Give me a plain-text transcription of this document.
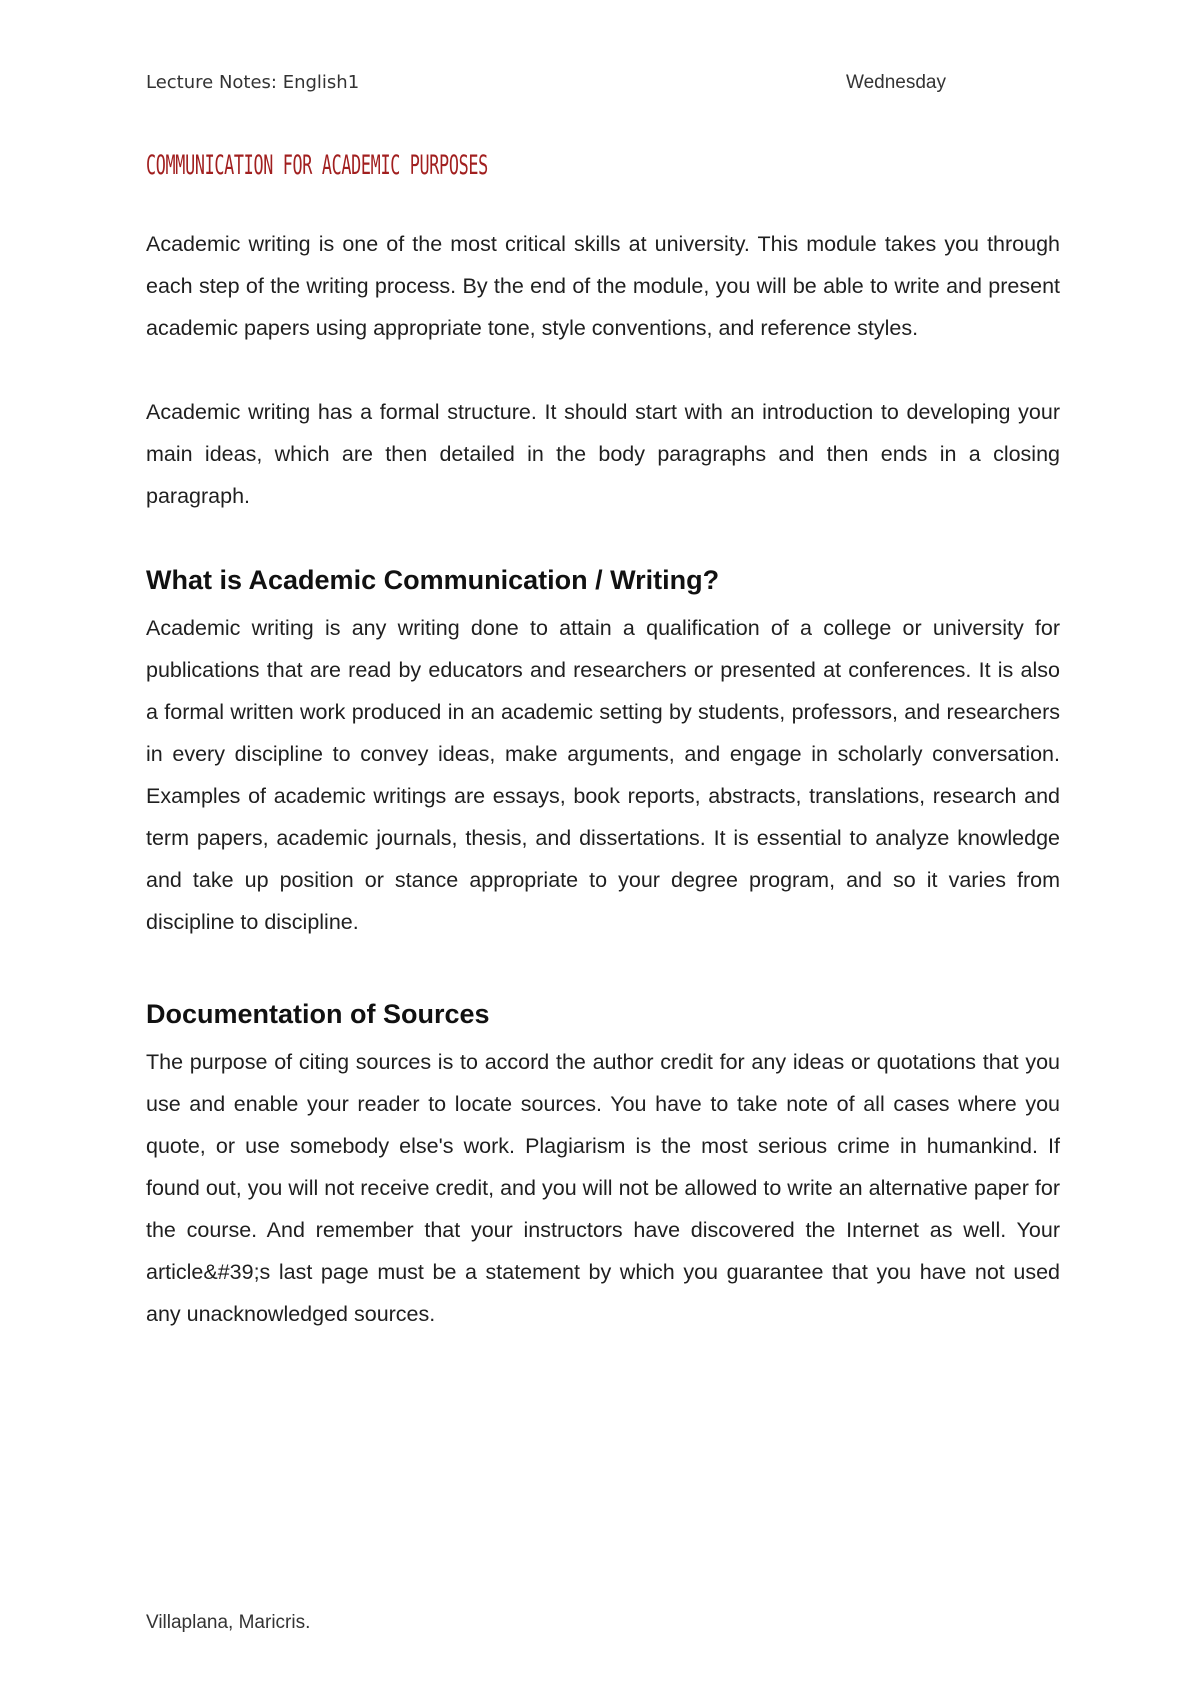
Lecture Notes: English1	Wednesday
COMMUNICATION FOR ACADEMIC PURPOSES

Academic writing is one of the most critical skills at university. This module takes you through each step of the writing process. By the end of the module, you will be able to write and present academic papers using appropriate tone, style conventions, and reference styles.

Academic writing has a formal structure. It should start with an introduction to developing your main ideas, which are then detailed in the body paragraphs and then ends in a closing paragraph.

What is Academic Communication / Writing?

Academic writing is any writing done to attain a qualification of a college or university for publications that are read by educators and researchers or presented at conferences. It is also a formal written work produced in an academic setting by students, professors, and researchers in every discipline to convey ideas, make arguments, and engage in scholarly conversation. Examples of academic writings are essays, book reports, abstracts, translations, research and term papers, academic journals, thesis, and dissertations. It is essential to analyze knowledge and take up position or stance appropriate to your degree program, and so it varies from discipline to discipline.

Documentation of Sources

The purpose of citing sources is to accord the author credit for any ideas or quotations that you use and enable your reader to locate sources. You have to take note of all cases where you quote, or use somebody else's work. Plagiarism is the most serious crime in humankind. If found out, you will not receive credit, and you will not be allowed to write an alternative paper for the course. And remember that your instructors have discovered the Internet as well. Your article&#39;s last page must be a statement by which you guarantee that you have not used any unacknowledged sources.

Villaplana, Maricris.
